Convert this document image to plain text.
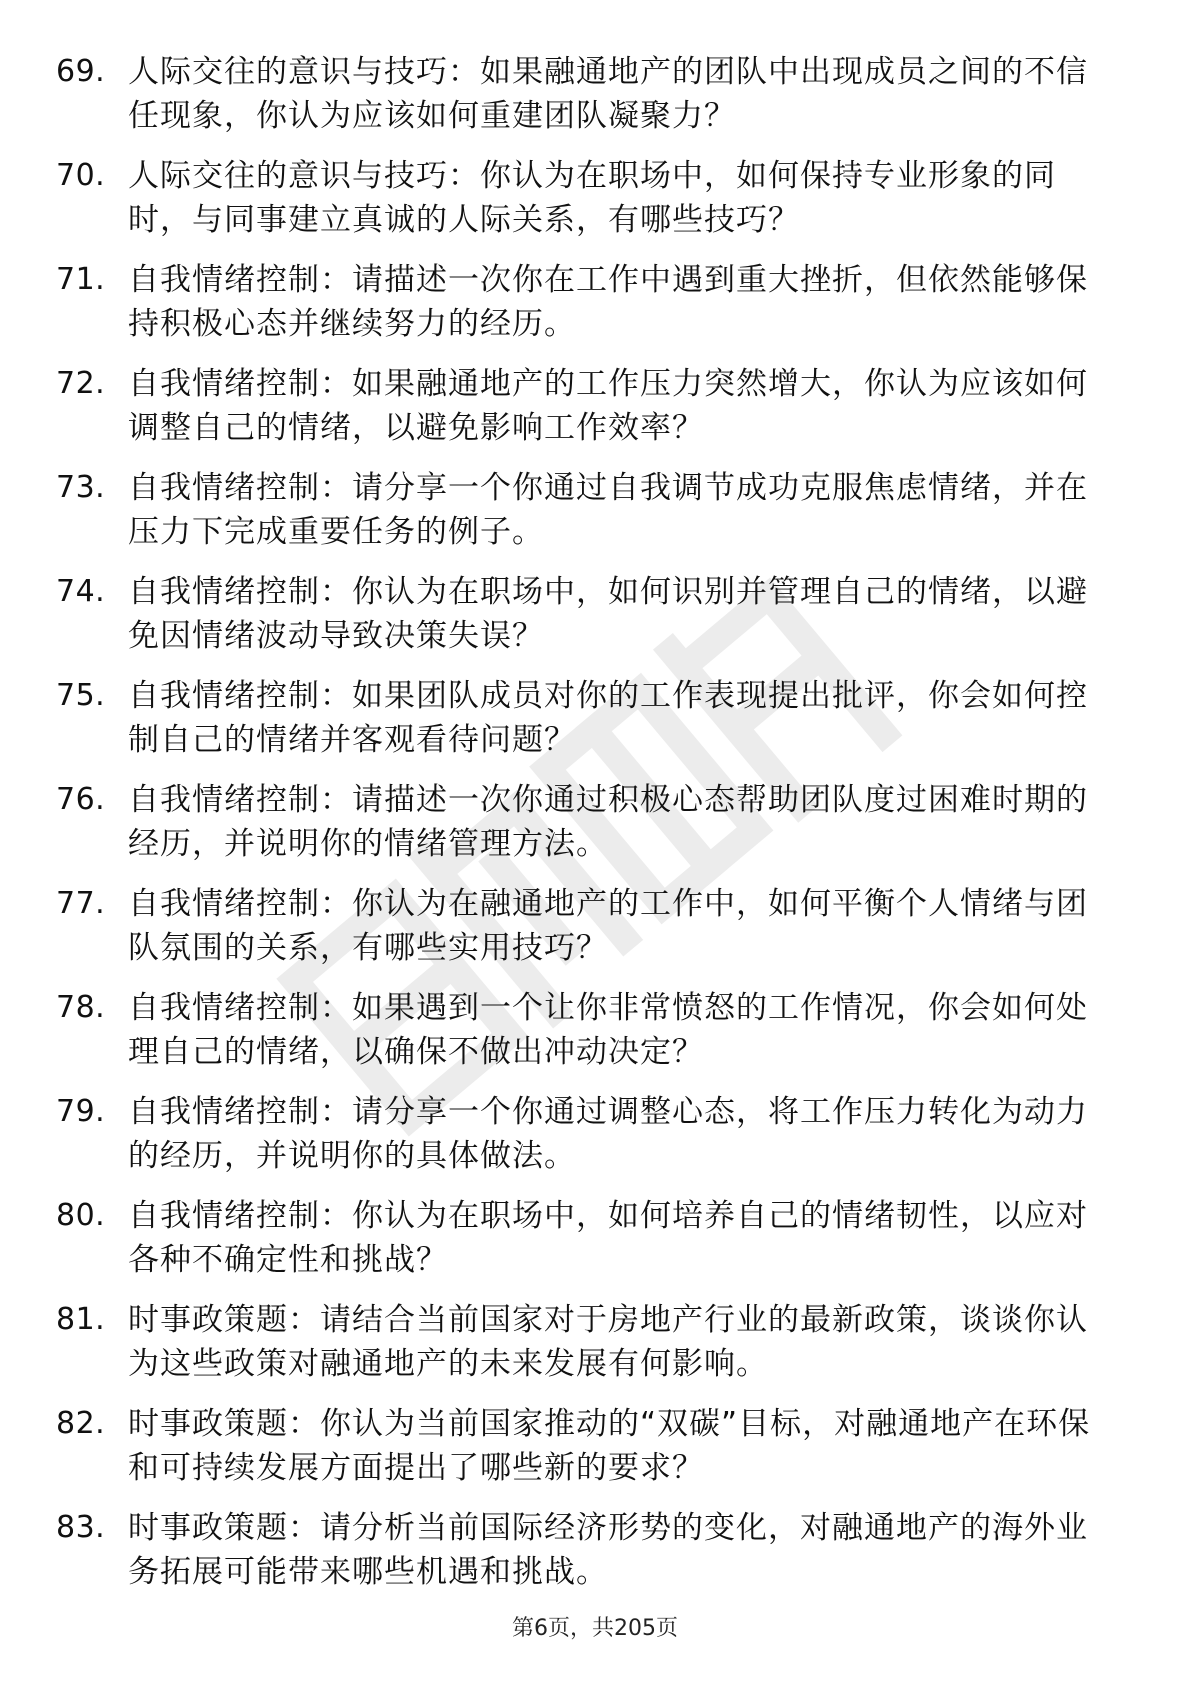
69. 人际交往的意识与技巧：如果融通地产的团队中出现成员之间的不信任现象，你认为应该如何重建团队凝聚力？
70. 人际交往的意识与技巧：你认为在职场中，如何保持专业形象的同时，与同事建立真诚的人际关系，有哪些技巧？
71. 自我情绪控制：请描述一次你在工作中遇到重大挫折，但依然能够保持积极心态并继续努力的经历。
72. 自我情绪控制：如果融通地产的工作压力突然增大，你认为应该如何调整自己的情绪，以避免影响工作效率？
73. 自我情绪控制：请分享一个你通过自我调节成功克服焦虑情绪，并在压力下完成重要任务的例子。
74. 自我情绪控制：你认为在职场中，如何识别并管理自己的情绪，以避免因情绪波动导致决策失误？
75. 自我情绪控制：如果团队成员对你的工作表现提出批评，你会如何控制自己的情绪并客观看待问题？
76. 自我情绪控制：请描述一次你通过积极心态帮助团队度过困难时期的经历，并说明你的情绪管理方法。
77. 自我情绪控制：你认为在融通地产的工作中，如何平衡个人情绪与团队氛围的关系，有哪些实用技巧？
78. 自我情绪控制：如果遇到一个让你非常愤怒的工作情况，你会如何处理自己的情绪，以确保不做出冲动决定？
79. 自我情绪控制：请分享一个你通过调整心态，将工作压力转化为动力的经历，并说明你的具体做法。
80. 自我情绪控制：你认为在职场中，如何培养自己的情绪韧性，以应对各种不确定性和挑战？
81. 时事政策题：请结合当前国家对于房地产行业的最新政策，谈谈你认为这些政策对融通地产的未来发展有何影响。
82. 时事政策题：你认为当前国家推动的“双碳”目标，对融通地产在环保和可持续发展方面提出了哪些新的要求？
83. 时事政策题：请分析当前国际经济形势的变化，对融通地产的海外业务拓展可能带来哪些机遇和挑战。
第6页，共205页
